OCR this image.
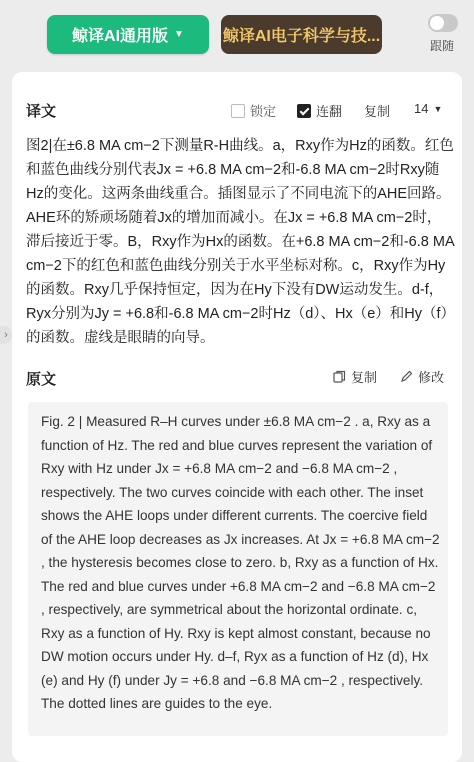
鲸译AI通用版 ▼ 鲸译AI电子科学与技...
跟随
›
译文	锁定	连翻 复制 14 ▼
图2|在±6.8 MA cm−2下测量R-H曲线。a，Rxy作为Hz的函数。红色和蓝色曲线分别代表Jx = +6.8 MA cm−2和-6.8 MA cm−2时Rxy随Hz的变化。这两条曲线重合。插图显示了不同电流下的AHE回路。AHE环的矫顽场随着Jx的增加而减小。在Jx = +6.8 MA cm−2时，滞后接近于零。B，Rxy作为Hx的函数。在+6.8 MA cm−2和-6.8 MA cm−2下的红色和蓝色曲线分别关于水平坐标对称。c，Rxy作为Hy的函数。Rxy几乎保持恒定，因为在Hy下没有DW运动发生。d-f，Ryx分别为Jy = +6.8和-6.8 MA cm−2时Hz（d）、Hx（e）和Hy（f）的函数。虚线是眼睛的向导。
原文	复制	修改
Fig. 2 | Measured R–H curves under ±6.8 MA cm−2 . a, Rxy as a function of Hz. The red and blue curves represent the variation of Rxy with Hz under Jx = +6.8 MA cm−2 and −6.8 MA cm−2 , respectively. The two curves coincide with each other. The inset shows the AHE loops under different currents. The coercive field of the AHE loop decreases as Jx increases. At Jx = +6.8 MA cm−2 , the hysteresis becomes close to zero. b, Rxy as a function of Hx. The red and blue curves under +6.8 MA cm−2 and −6.8 MA cm−2 , respectively, are symmetrical about the horizontal ordinate. c, Rxy as a function of Hy. Rxy is kept almost constant, because no DW motion occurs under Hy. d–f, Ryx as a function of Hz (d), Hx (e) and Hy (f) under Jy = +6.8 and −6.8 MA cm−2 , respectively. The dotted lines are guides to the eye.
